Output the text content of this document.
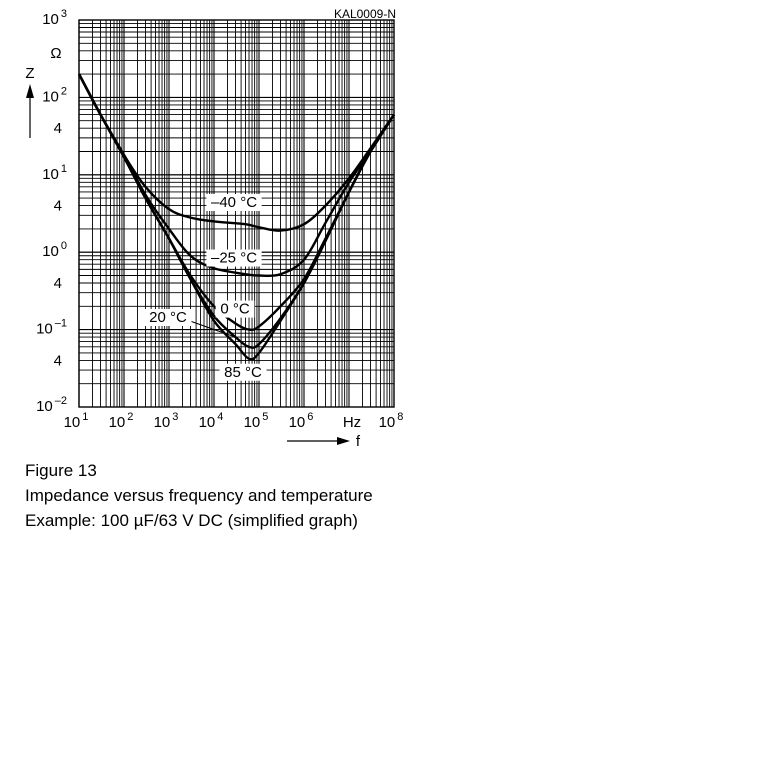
10 $^1$ 10 $^2$ 10 $^3$ 10 $^4$ 10 $^5$ 10 $^6$	10 $^8$
10 $^3$
10 $^2$
4
10 $^1$
4
10 $^0$
4
10 $^{-1}$
4
10 $^{-2}$
–40 °C
–25 °C
0 °C
85 °C
20 °C
KAL0009-N
Ω
Z
Hz
f
Figure 13
Impedance versus frequency and temperature
Example: 100 µF/63 V DC (simplified graph)
